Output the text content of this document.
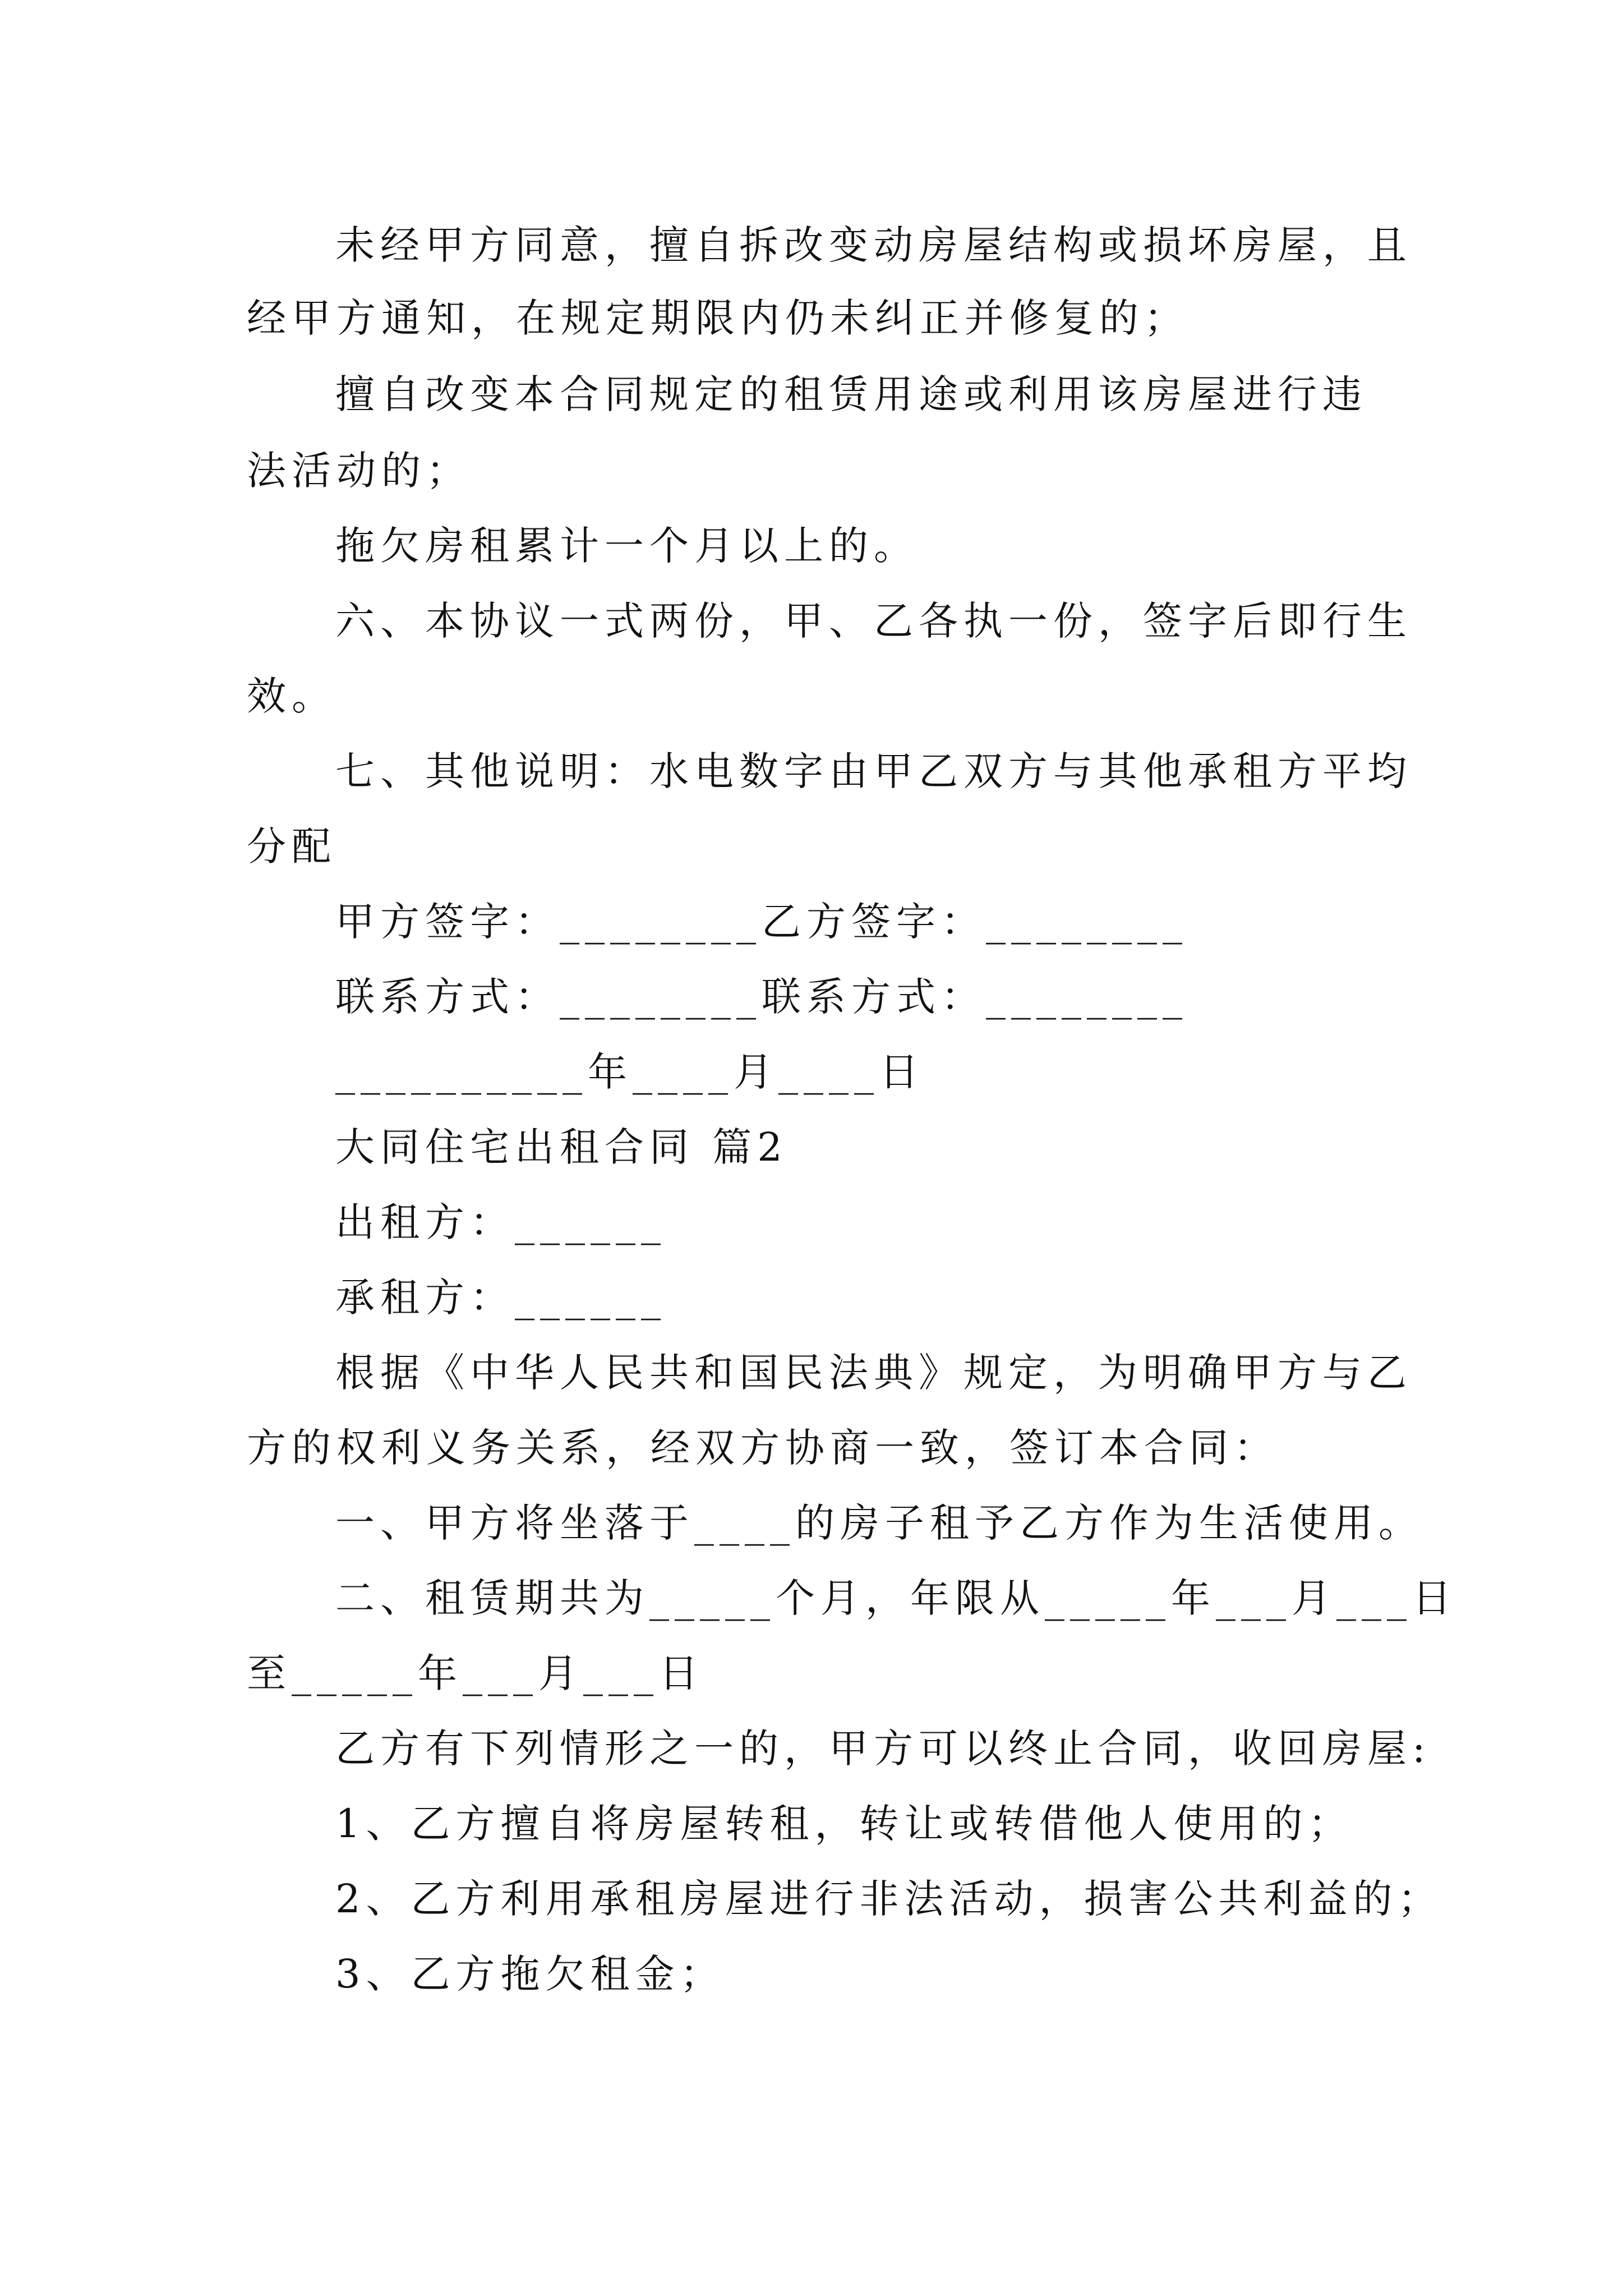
未经甲方同意，擅自拆改变动房屋结构或损坏房屋，且
经甲方通知，在规定期限内仍未纠正并修复的；
擅自改变本合同规定的租赁用途或利用该房屋进行违
法活动的；
拖欠房租累计一个月以上的。
六、本协议一式两份，甲、乙各执一份，签字后即行生
效。
七、其他说明：水电数字由甲乙双方与其他承租方平均
分配
甲方签字：________乙方签字：________
联系方式：________联系方式：________
__________年____月____日
大同住宅出租合同 篇2
出租方：______
承租方：______
根据《中华人民共和国民法典》规定，为明确甲方与乙
方的权利义务关系，经双方协商一致，签订本合同：
一、甲方将坐落于____的房子租予乙方作为生活使用。
二、租赁期共为_____个月，年限从_____年___月___日
至_____年___月___日
乙方有下列情形之一的，甲方可以终止合同，收回房屋:
1、乙方擅自将房屋转租，转让或转借他人使用的；
2、乙方利用承租房屋进行非法活动，损害公共利益的；
3、乙方拖欠租金；
